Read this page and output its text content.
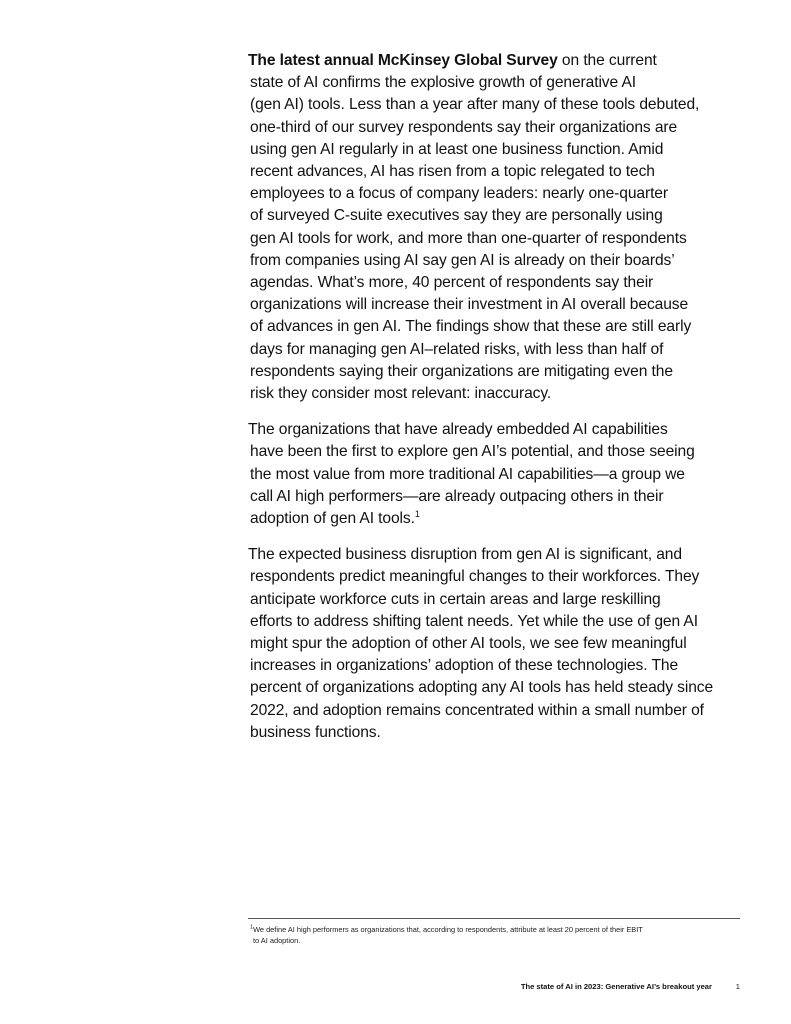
The latest annual McKinsey Global Survey on the current
state of AI confirms the explosive growth of generative AI
(gen AI) tools. Less than a year after many of these tools debuted,
one-third of our survey respondents say their organizations are
using gen AI regularly in at least one business function. Amid
recent advances, AI has risen from a topic relegated to tech
employees to a focus of company leaders: nearly one-quarter
of surveyed C-suite executives say they are personally using
gen AI tools for work, and more than one-quarter of respondents
from companies using AI say gen AI is already on their boards’
agendas. What’s more, 40 percent of respondents say their
organizations will increase their investment in AI overall because
of advances in gen AI. The findings show that these are still early
days for managing gen AI–related risks, with less than half of
respondents saying their organizations are mitigating even the
risk they consider most relevant: inaccuracy.

The organizations that have already embedded AI capabilities
have been the first to explore gen AI’s potential, and those seeing
the most value from more traditional AI capabilities—a group we
call AI high performers—are already outpacing others in their
adoption of gen AI tools.$^1$

The expected business disruption from gen AI is significant, and
respondents predict meaningful changes to their workforces. They
anticipate workforce cuts in certain areas and large reskilling
efforts to address shifting talent needs. Yet while the use of gen AI
might spur the adoption of other AI tools, we see few meaningful
increases in organizations’ adoption of these technologies. The
percent of organizations adopting any AI tools has held steady since
2022, and adoption remains concentrated within a small number of
business functions.

$^1$We define AI high performers as organizations that, according to respondents, attribute at least 20 percent of their EBIT
to AI adoption.
The state of AI in 2023: Generative AI’s breakout year	1
